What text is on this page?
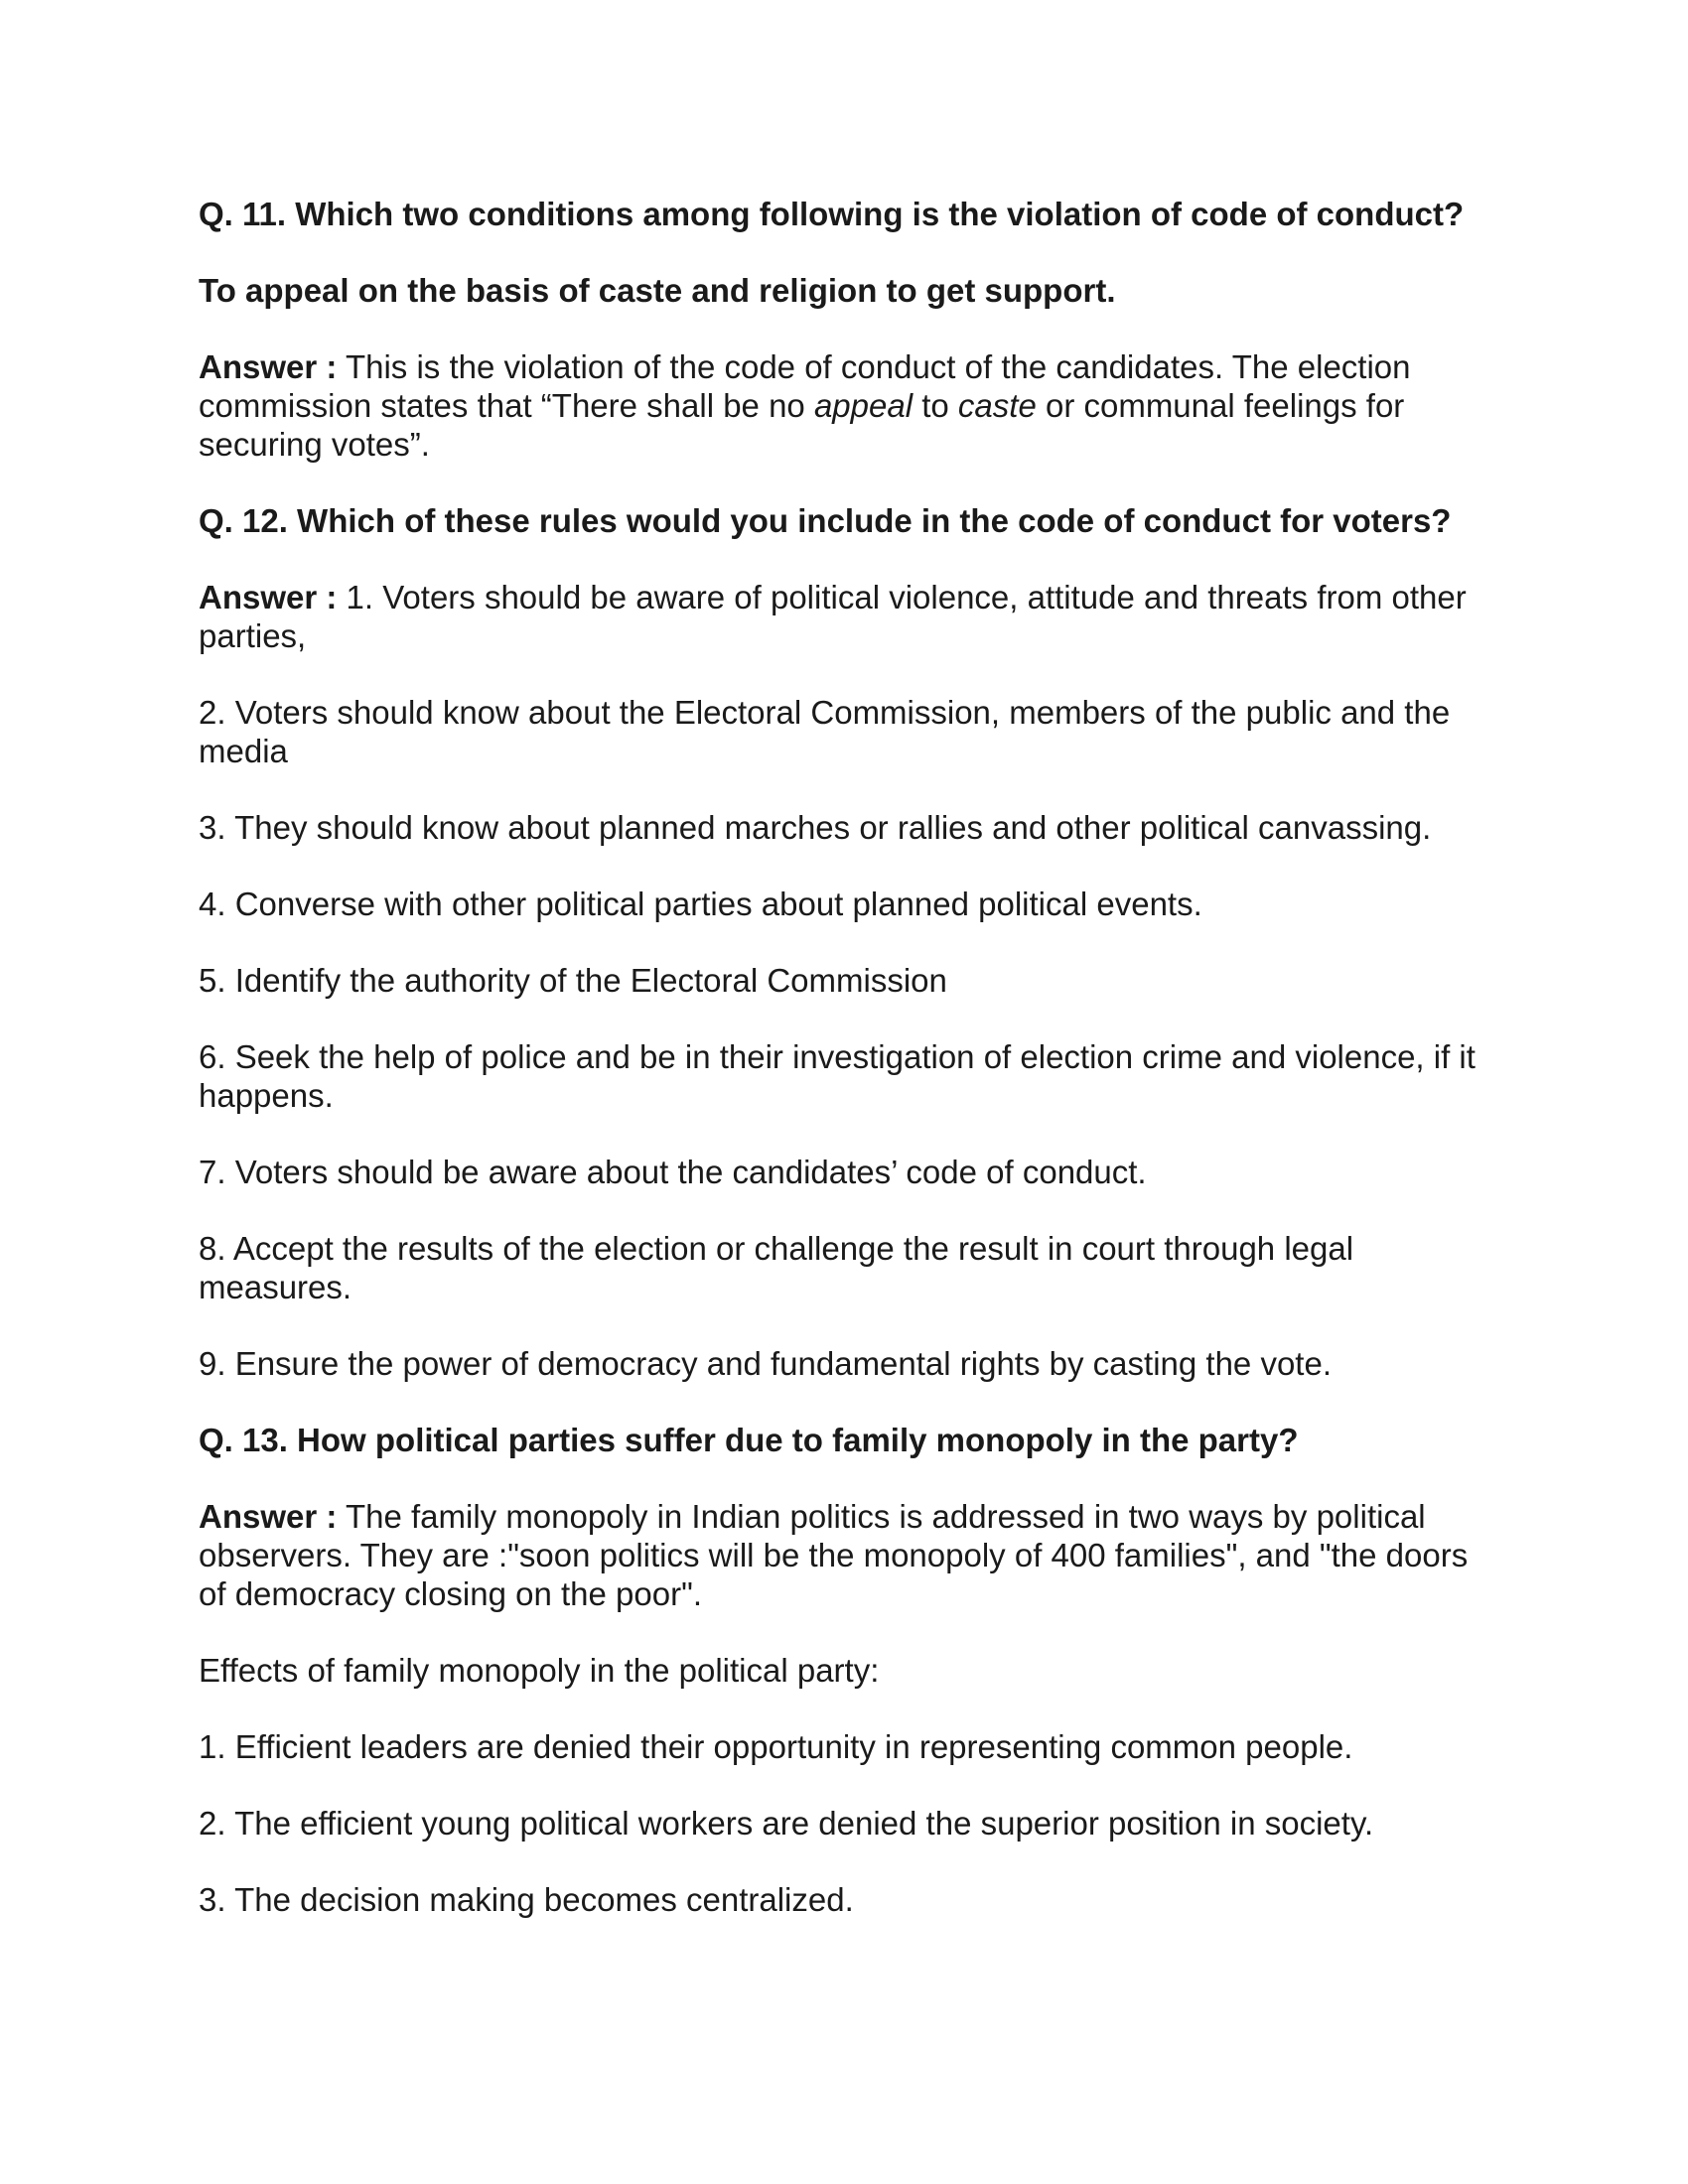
Q. 11. Which two conditions among following is the violation of code of conduct?

To appeal on the basis of caste and religion to get support.

Answer : This is the violation of the code of conduct of the candidates. The election commission states that “There shall be no appeal to caste or communal feelings for securing votes”.

Q. 12. Which of these rules would you include in the code of conduct for voters?

Answer : 1. Voters should be aware of political violence, attitude and threats from other parties,

2. Voters should know about the Electoral Commission, members of the public and the media

3. They should know about planned marches or rallies and other political canvassing.

4. Converse with other political parties about planned political events.

5. Identify the authority of the Electoral Commission

6. Seek the help of police and be in their investigation of election crime and violence, if it happens.

7. Voters should be aware about the candidates’ code of conduct.

8. Accept the results of the election or challenge the result in court through legal measures.

9. Ensure the power of democracy and fundamental rights by casting the vote.

Q. 13. How political parties suffer due to family monopoly in the party?

Answer : The family monopoly in Indian politics is addressed in two ways by political observers. They are :"soon politics will be the monopoly of 400 families", and "the doors of democracy closing on the poor".

Effects of family monopoly in the political party:

1. Efficient leaders are denied their opportunity in representing common people.

2. The efficient young political workers are denied the superior position in society.

3. The decision making becomes centralized.
